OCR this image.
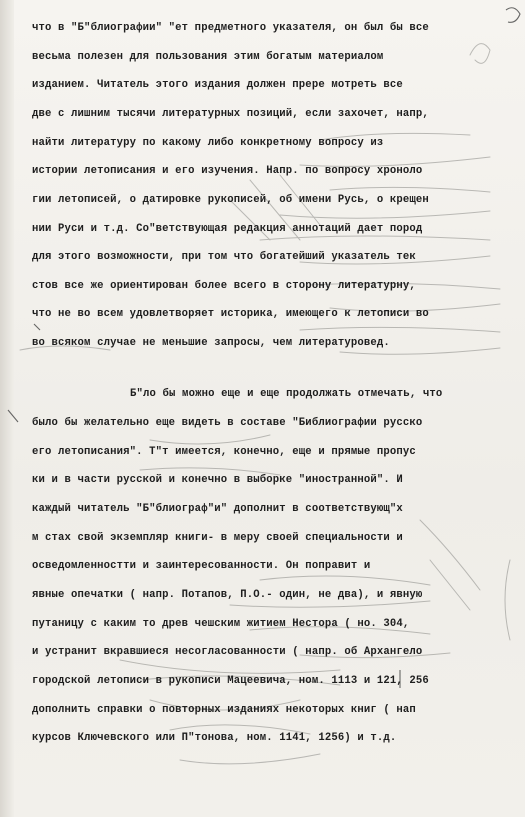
что в "Б"блиографии" "ет предметного указателя, он был бы все
весьма полезен для пользования этим богатым материалом
изданием. Читатель этого издания должен прере мотреть все
две с лишним тысячи литературных позиций, если захочет, напр,
найти литературу по какому либо конкретному вопросу из
истории летописания и его изучения. Напр. по вопросу хроноло
гии летописей, о датировке рукописей, об имени Русь, о крещен
нии Руси и т.д. Со"ветствующая редакция аннотаций дает пород
для этого возможности, при том что богатейший указатель тек
стов все же ориентирован более всего в сторону литературну,
что не во всем удовлетворяет историка, имеющего к летописи во
во всяком случае не меньшие запросы, чем литературовед.
Б"ло бы можно еще и еще продолжать отмечать, что
было бы желательно еще видеть в составе "Библиографии русско
его летописания". Т"т имеется, конечно, еще и прямые пропус
ки и в части русской и конечно в выборке "иностранной". И
каждый читатель "Б"блиограф"и" дополнит в соответствующ"х
м стах свой экземпляр книги- в меру своей специальности и
осведомленностти и заинтересованности. Он поправит и
явные опечатки ( напр. Потапов, П.О.- один, не два), и явную
путаницу с каким то древ чешским житием Нестора ( но. 304,
и устранит вкравшиеся несогласованности ( напр. об Архангело
городской летописи в рукописи Мацеевича, ном. 1113 и 121, 256
дополнить справки о повторных изданиях некоторых книг ( нап
курсов Ключевского или П"тонова, ном. 1141, 1256) и т.д.
